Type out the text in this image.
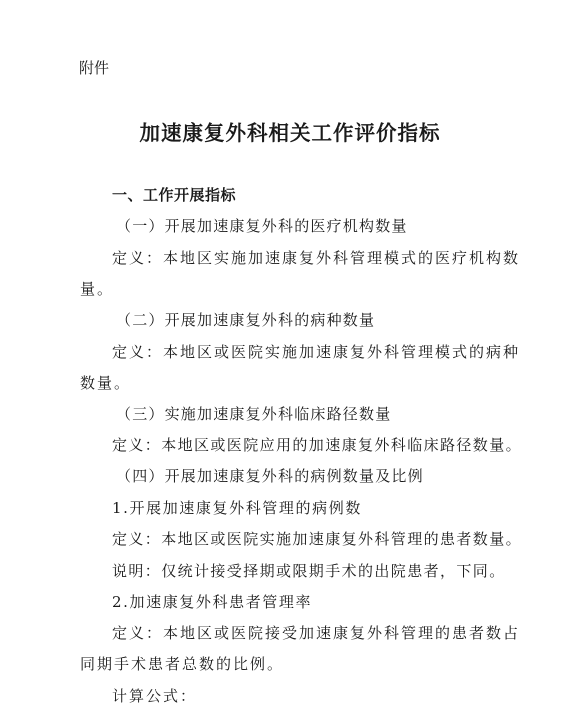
附件
加速康复外科相关工作评价指标
一、工作开展指标
（一）开展加速康复外科的医疗机构数量
定义：本地区实施加速康复外科管理模式的医疗机构数
量。
（二）开展加速康复外科的病种数量
定义：本地区或医院实施加速康复外科管理模式的病种
数量。
（三）实施加速康复外科临床路径数量
定义：本地区或医院应用的加速康复外科临床路径数量。
（四）开展加速康复外科的病例数量及比例
1.开展加速康复外科管理的病例数
定义：本地区或医院实施加速康复外科管理的患者数量。
说明：仅统计接受择期或限期手术的出院患者，下同。
2.加速康复外科患者管理率
定义：本地区或医院接受加速康复外科管理的患者数占
同期手术患者总数的比例。
计算公式：
